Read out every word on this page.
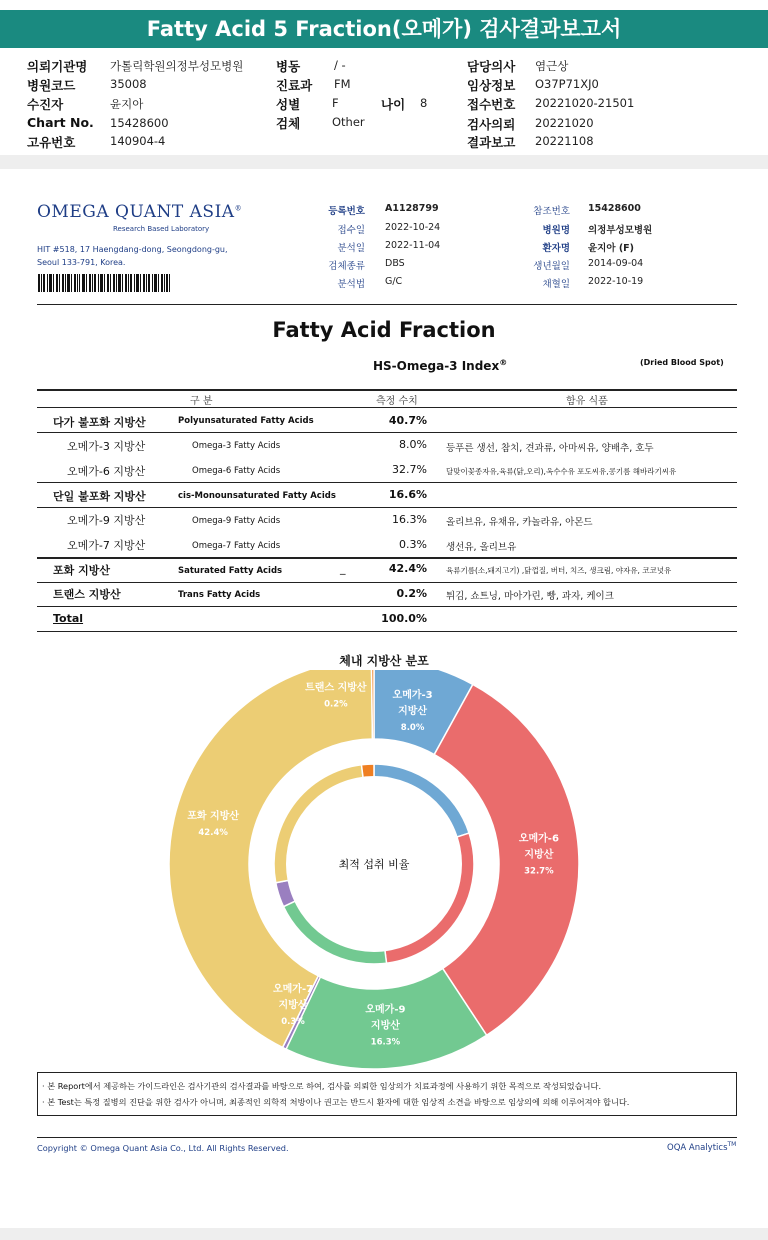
Fatty Acid 5 Fraction(오메가) 검사결과보고서
의뢰기관명 가톨릭학원의정부성모병원
병원코드	35008
수진자	윤지아
Chart No. 15428600
고유번호	140904-4
병동	/ -
진료과 FM
성별	F	나이 8
검체	Other
담당의사 염근상
임상정보 O37P71XJ0
접수번호 20221020-21501
검사의뢰 20221020
결과보고 20221108
OMEGA QUANT ASIA®
Research Based Laboratory
HIT #518, 17 Haengdang-dong, Seongdong-gu,
Seoul 133-791, Korea.
등록번호 A1128799
접수일 2022-10-24
분석일 2022-11-04
검체종류 DBS
분석법 G/C
참조번호 15428600
병원명 의정부성모병원
환자명 윤지아 (F)
생년월일 2014-09-04
채혈일 2022-10-19
Fatty Acid Fraction
HS-Omega-3 Index®	(Dried Blood Spot)
구 분	측정 수치	함유 식품
다가 불포화 지방산	Polyunsaturated Fatty Acids	40.7%
오메가-3 지방산	Omega-3 Fatty Acids	8.0% 등푸른 생선, 참치, 견과류, 아마씨유, 양배추, 호두
오메가-6 지방산	Omega-6 Fatty Acids	32.7%	달맞이꽃종자유,육류(닭,오리),옥수수유 포도씨유,콩기름 해바라기씨유
단일 불포화 지방산	cis-Monounsaturated Fatty Acids	16.6%
오메가-9 지방산	Omega-9 Fatty Acids	16.3% 올리브유, 유채유, 카놀라유, 아몬드
오메가-7 지방산	Omega-7 Fatty Acids	0.3% 생선유, 올리브유
포화 지방산	Saturated Fatty Acids	_	42.4%	육류기름(소,돼지고기) ,닭껍질, 버터, 치즈, 생크림, 야자유, 코코넛유
트랜스 지방산	Trans Fatty Acids	0.2% 튀김, 쇼트닝, 마아가린, 빵, 과자, 케이크
Total	100.0%
체내 지방산 분포
최적 섭취 비율
오메가-3
지방산
8.0%
오메가-6
지방산
32.7%
오메가-9
지방산
16.3%
오메가-7
지방산
0.3%
포화 지방산
42.4%
트랜스 지방산
0.2%
· 본 Report에서 제공하는 가이드라인은 검사기관의 검사결과를 바탕으로 하여, 검사를 의뢰한 임상의가 치료과정에 사용하기 위한 목적으로 작성되었습니다.
· 본 Test는 특정 질병의 진단을 위한 검사가 아니며, 최종적인 의학적 처방이나 권고는 반드시 환자에 대한 임상적 소견을 바탕으로 임상의에 의해 이루어져야 합니다.
Copyright © Omega Quant Asia Co., Ltd. All Rights Reserved.	OQA Analytics™
